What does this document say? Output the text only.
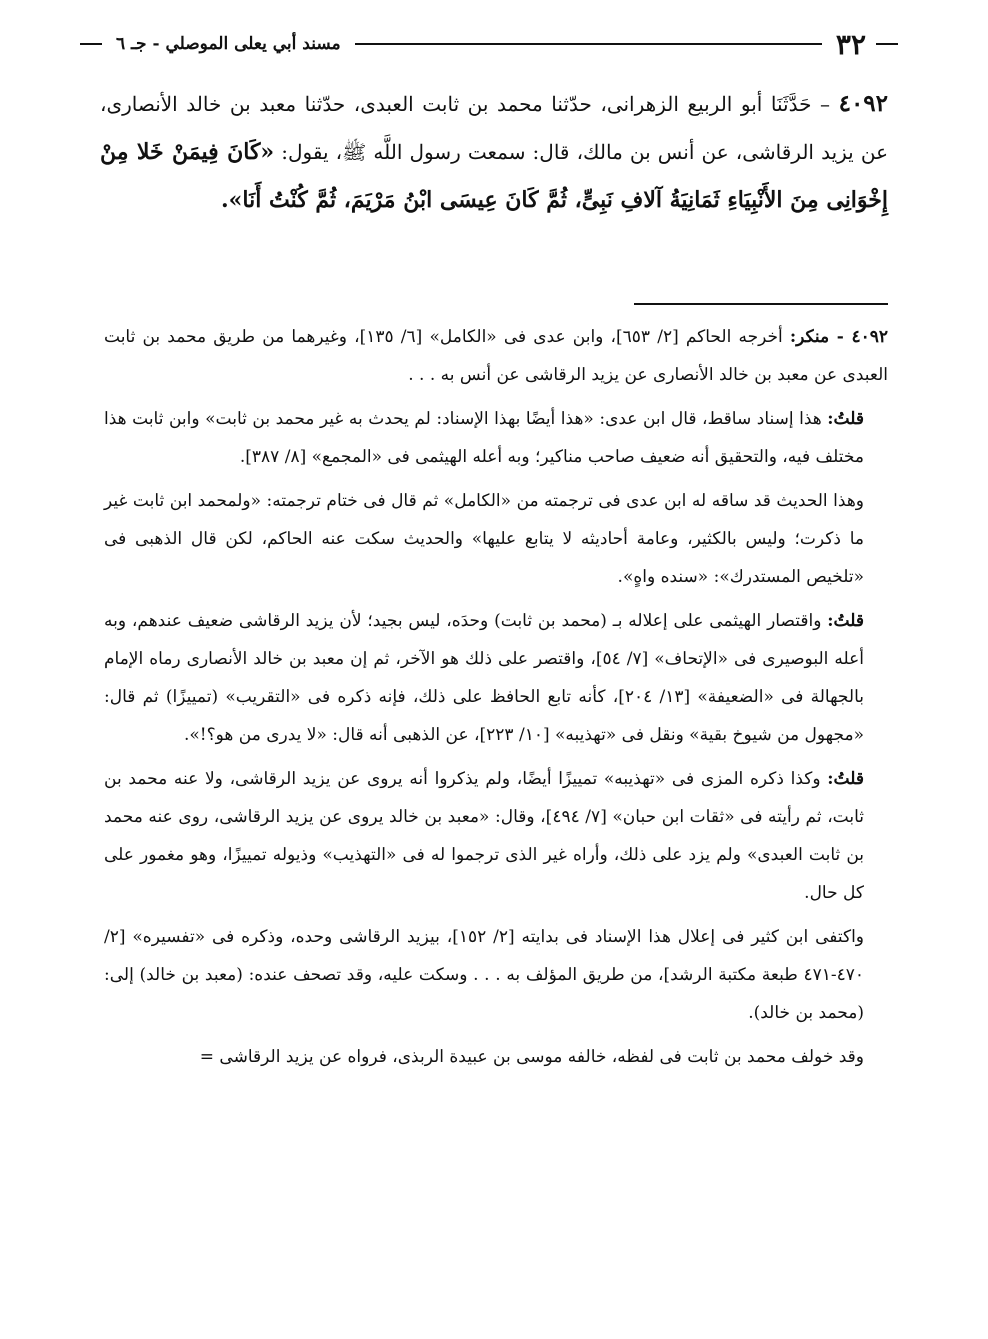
٣٢
مسند أبي يعلى الموصلي - جـ ٦
٤٠٩٢ – حَدَّثَنَا أبو الربيع الزهرانى، حدّثنا محمد بن ثابت العبدى، حدّثنا معبد بن خالد الأنصارى، عن يزيد الرقاشى، عن أنس بن مالك، قال: سمعت رسول اللَّه ﷺ، يقول: «كَانَ فِيمَنْ خَلا مِنْ إِخْوَانِى مِنَ الأَنْبِيَاءِ ثَمَانِيَةُ آلافِ نَبِىٍّ، ثُمَّ كَانَ عِيسَى ابْنُ مَرْيَمَ، ثُمَّ كُنْتُ أَنَا».

٤٠٩٢ - منكر: أخرجه الحاكم [٢/ ٦٥٣]، وابن عدى فى «الكامل» [٦/ ١٣٥]، وغيرهما من طريق محمد بن ثابت العبدى عن معبد بن خالد الأنصارى عن يزيد الرقاشى عن أنس به . . .

قلتُ: هذا إسناد ساقط، قال ابن عدى: «هذا أيضًا بهذا الإسناد: لم يحدث به غير محمد بن ثابت» وابن ثابت هذا مختلف فيه، والتحقيق أنه ضعيف صاحب مناكير؛ وبه أعله الهيثمى فى «المجمع» [٨/ ٣٨٧].

وهذا الحديث قد ساقه له ابن عدى فى ترجمته من «الكامل» ثم قال فى ختام ترجمته: «ولمحمد ابن ثابت غير ما ذكرت؛ وليس بالكثير، وعامة أحاديثه لا يتابع عليها» والحديث سكت عنه الحاكم، لكن قال الذهبى فى «تلخيص المستدرك»: «سنده واهٍ».

قلتُ: واقتصار الهيثمى على إعلاله بـ (محمد بن ثابت) وحدَه، ليس بجيد؛ لأن يزيد الرقاشى ضعيف عندهم، وبه أعله البوصيرى فى «الإتحاف» [٧/ ٥٤]، واقتصر على ذلك هو الآخر، ثم إن معبد بن خالد الأنصارى رماه الإمام بالجهالة فى «الضعيفة» [١٣/ ٢٠٤]، كأنه تابع الحافظ على ذلك، فإنه ذكره فى «التقريب» (تمييزًا) ثم قال: «مجهول من شيوخ بقية» ونقل فى «تهذيبه» [١٠/ ٢٢٣]، عن الذهبى أنه قال: «لا يدرى من هو؟!».

قلتُ: وكذا ذكره المزى فى «تهذيبه» تمييزًا أيضًا، ولم يذكروا أنه يروى عن يزيد الرقاشى، ولا عنه محمد بن ثابت، ثم رأيته فى «ثقات ابن حبان» [٧/ ٤٩٤]، وقال: «معبد بن خالد يروى عن يزيد الرقاشى، روى عنه محمد بن ثابت العبدى» ولم يزد على ذلك، وأراه غير الذى ترجموا له فى «التهذيب» وذيوله تمييزًا، وهو مغمور على كل حال.

واكتفى ابن كثير فى إعلال هذا الإسناد فى بدايته [٢/ ١٥٢]، بيزيد الرقاشى وحده، وذكره فى «تفسيره» [٢/ ٤٧٠-٤٧١ طبعة مكتبة الرشد]، من طريق المؤلف به . . . وسكت عليه، وقد تصحف عنده: (معبد بن خالد) إلى: (محمد بن خالد).

وقد خولف محمد بن ثابت فى لفظه، خالفه موسى بن عبيدة الربذى، فرواه عن يزيد الرقاشى =
